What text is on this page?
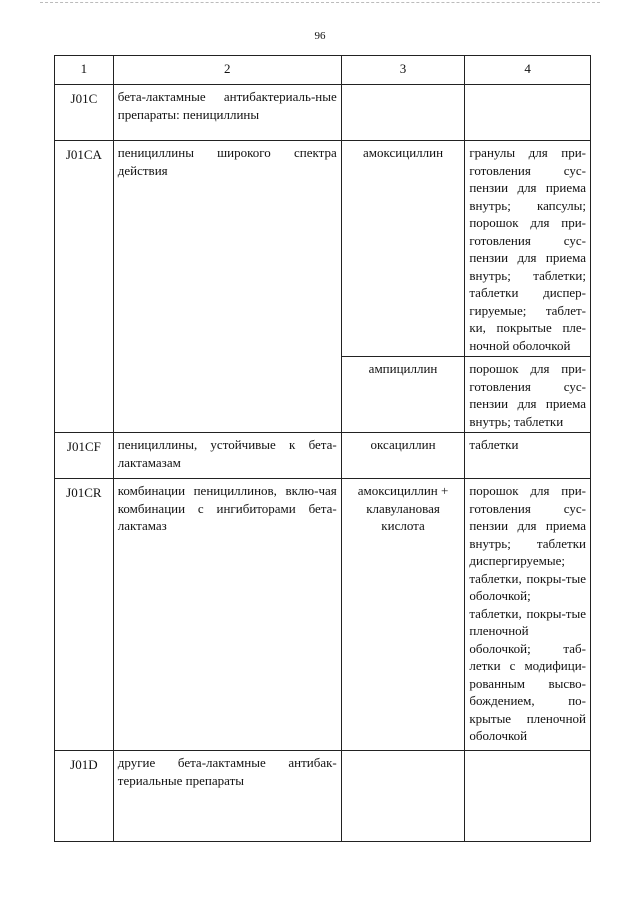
96
1	2	3	4
J01C	бета-лактамные антибактериаль-ные препараты: пенициллины		
J01CA	пенициллины широкого спектра действия	амоксициллин	гранулы для при-готовления сус-пензии для приема внутрь; капсулы; порошок для при-готовления сус-пензии для приема внутрь; таблетки; таблетки диспер-гируемые; таблет-ки, покрытые пле-ночной оболочкой
		ампициллин	порошок для при-готовления сус-пензии для приема внутрь; таблетки
J01CF	пенициллины, устойчивые к бета-лактамазам	оксациллин	таблетки
J01CR	комбинации пенициллинов, вклю-чая комбинации с ингибиторами бета-лактамаз	амоксициллин + клавулановая кислота	порошок для при-готовления сус-пензии для приема внутрь; таблетки диспергируемые; таблетки, покры-тые оболочкой; таблетки, покры-тые пленочной оболочкой; таб-летки с модифици-рованным высво-бождением, по-крытые пленочной оболочкой
J01D	другие бета-лактамные антибак-териальные препараты		
